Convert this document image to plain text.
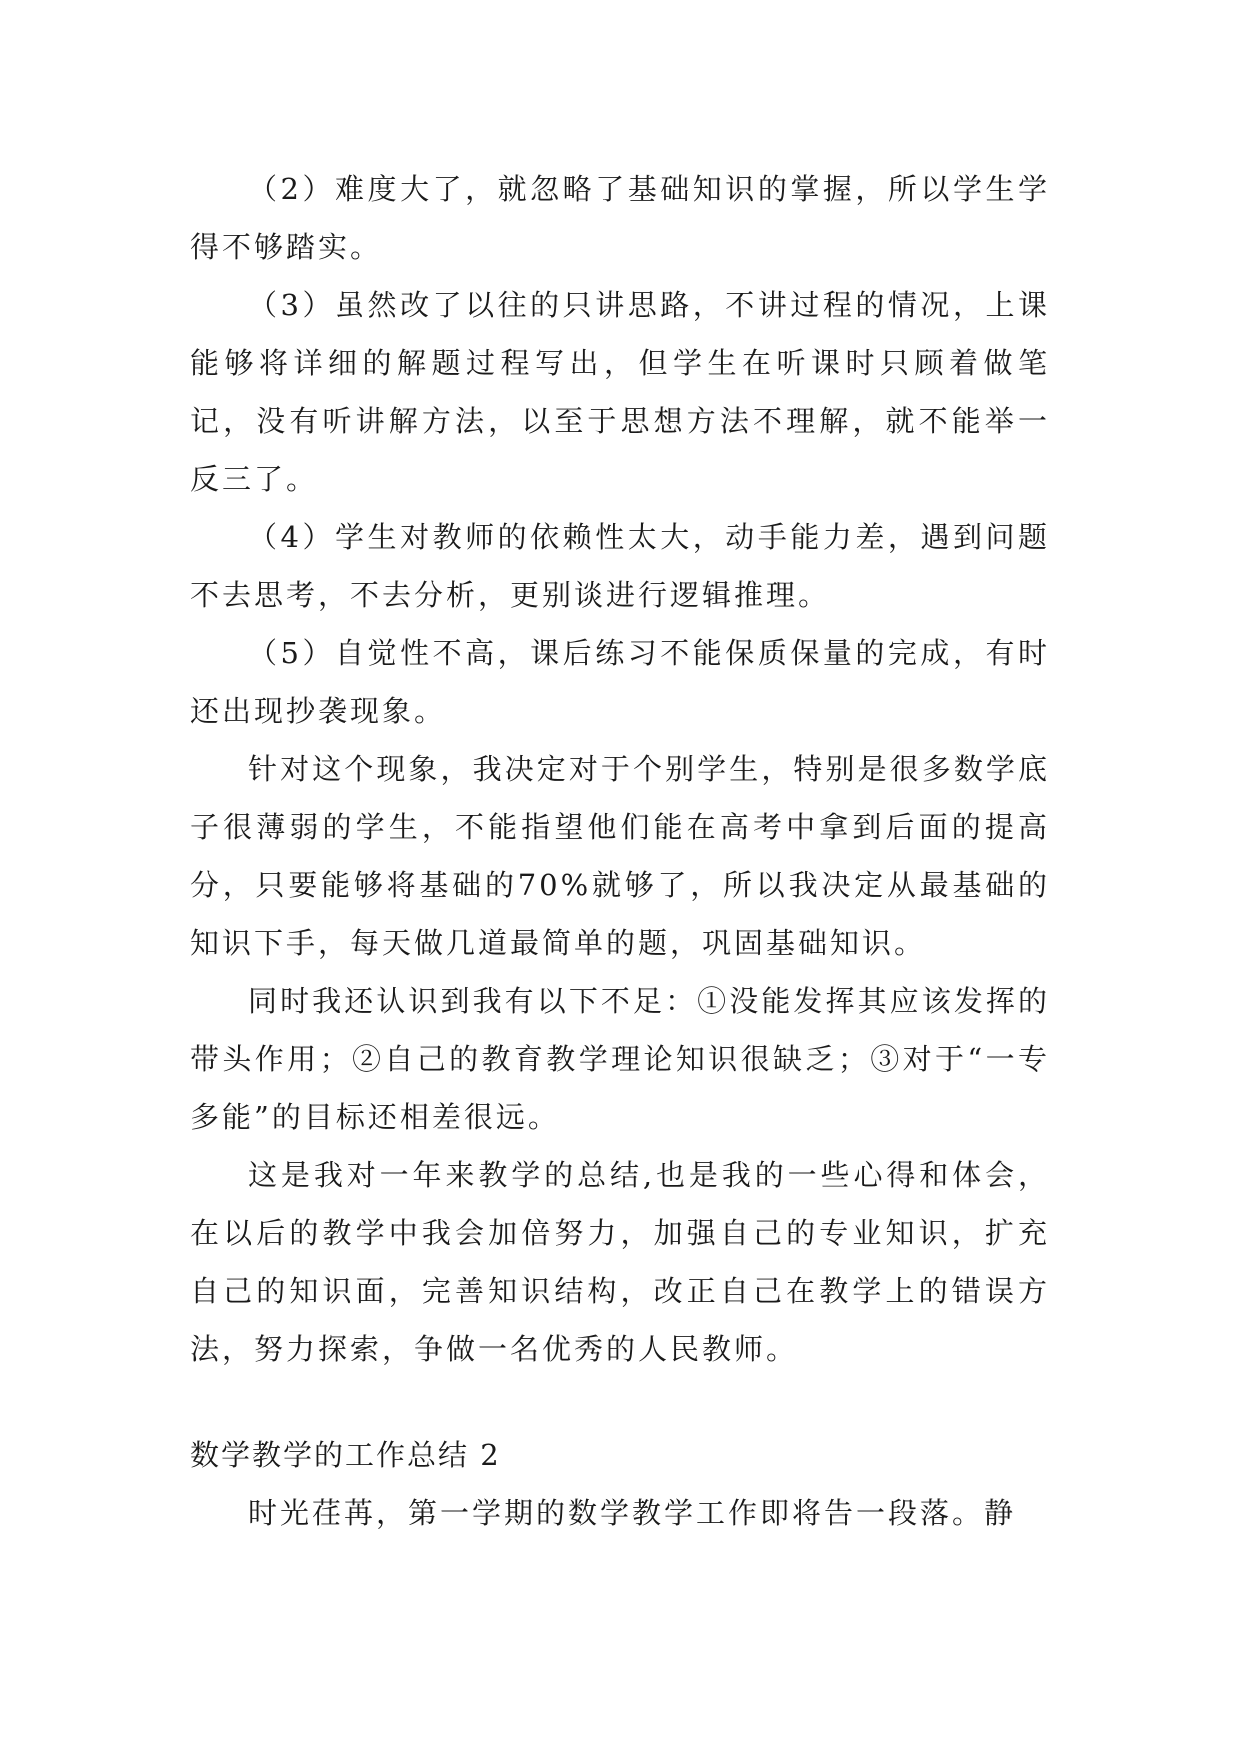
（2）难度大了，就忽略了基础知识的掌握，所以学生学得不够踏实。

（3）虽然改了以往的只讲思路，不讲过程的情况，上课能够将详细的解题过程写出，但学生在听课时只顾着做笔记，没有听讲解方法，以至于思想方法不理解，就不能举一反三了。

（4）学生对教师的依赖性太大，动手能力差，遇到问题不去思考，不去分析，更别谈进行逻辑推理。

（5）自觉性不高，课后练习不能保质保量的完成，有时还出现抄袭现象。

针对这个现象，我决定对于个别学生，特别是很多数学底子很薄弱的学生，不能指望他们能在高考中拿到后面的提高分，只要能够将基础的70%就够了，所以我决定从最基础的知识下手，每天做几道最简单的题，巩固基础知识。

同时我还认识到我有以下不足：①没能发挥其应该发挥的带头作用；②自己的教育教学理论知识很缺乏；③对于“一专多能”的目标还相差很远。

这是我对一年来教学的总结,也是我的一些心得和体会，在以后的教学中我会加倍努力，加强自己的专业知识，扩充自己的知识面，完善知识结构，改正自己在教学上的错误方法，努力探索，争做一名优秀的人民教师。

数学教学的工作总结 2

时光荏苒，第一学期的数学教学工作即将告一段落。静
